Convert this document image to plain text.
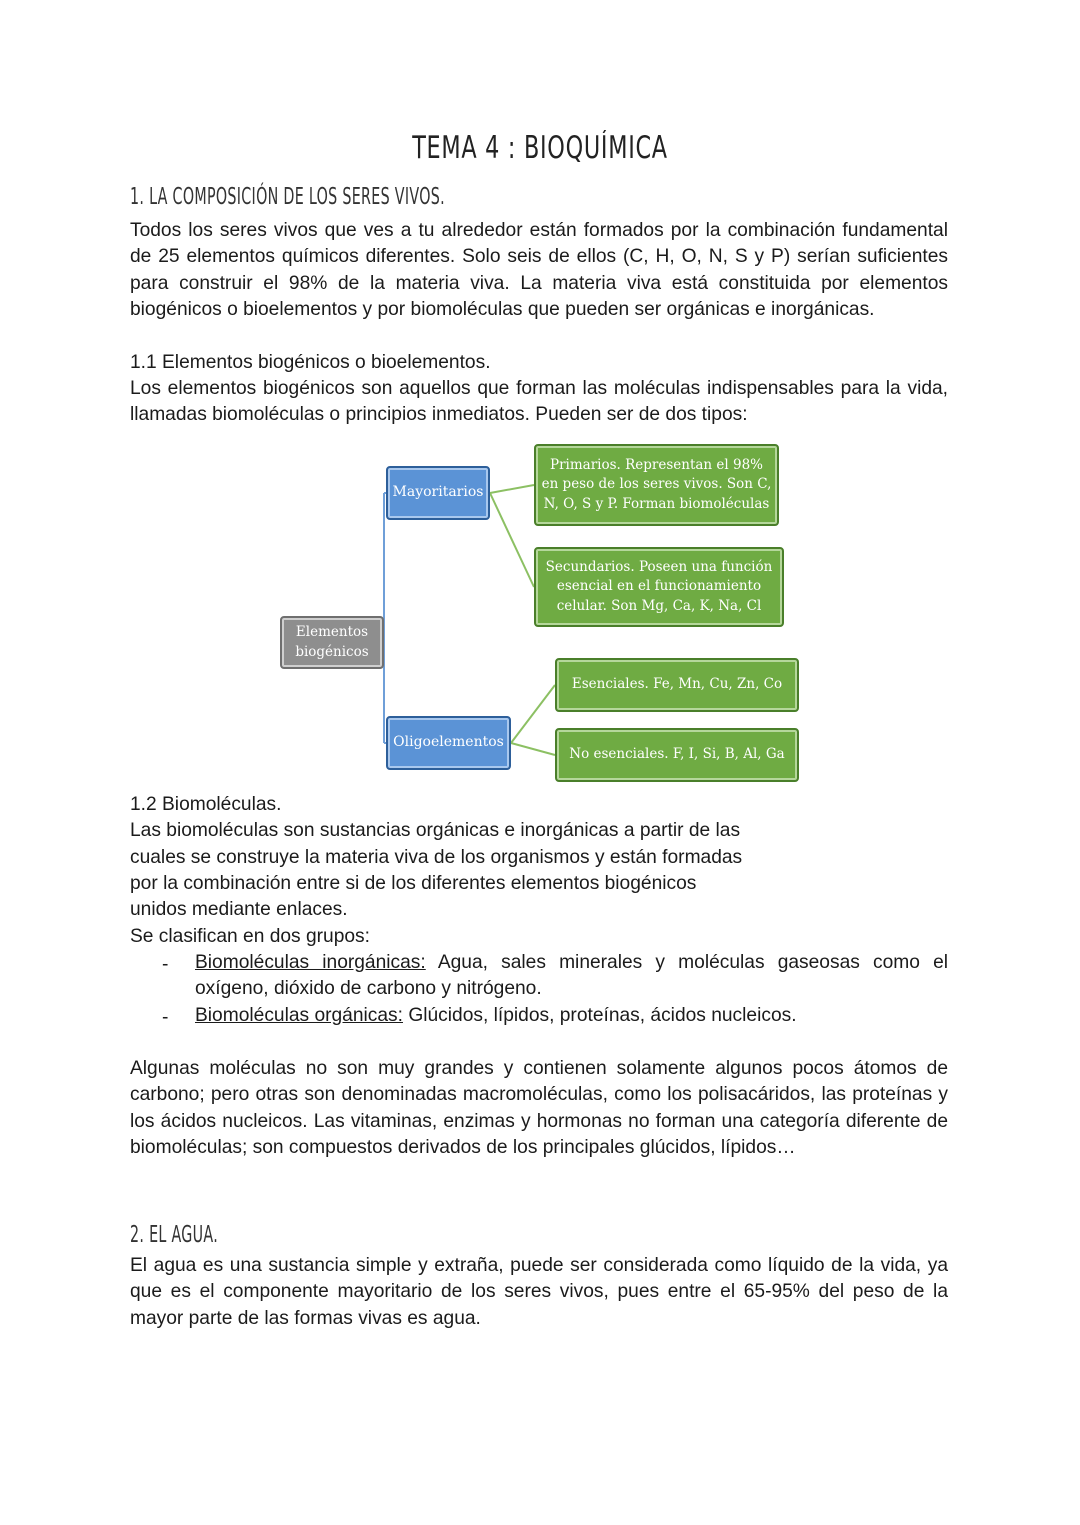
TEMA 4 : BIOQUÍMICA
1. LA COMPOSICIÓN DE LOS SERES VIVOS.

Todos los seres vivos que ves a tu alrededor están formados por la combinación fundamental de 25 elementos químicos diferentes. Solo seis de ellos (C, H, O, N, S y P) serían suficientes para construir el 98% de la materia viva. La materia viva está constituida por elementos biogénicos o bioelementos y por biomoléculas que pueden ser orgánicas e inorgánicas.

1.1 Elementos biogénicos o bioelementos.

Los elementos biogénicos son aquellos que forman las moléculas indispensables para la vida, llamadas biomoléculas o principios inmediatos. Pueden ser de dos tipos:

Elementos biogénicos
Mayoritarios
Oligoelementos
Primarios. Representan el 98% en peso de los seres vivos. Son C, N, O, S y P. Forman biomoléculas
Secundarios. Poseen una función esencial en el funcionamiento celular. Son Mg, Ca, K, Na, Cl
Esenciales. Fe, Mn, Cu, Zn, Co
No esenciales. F, I, Si, B, Al, Ga

1.2 Biomoléculas.

Las biomoléculas son sustancias orgánicas e inorgánicas a partir de las

cuales se construye la materia viva de los organismos y están formadas

por la combinación entre si de los diferentes elementos biogénicos

unidos mediante enlaces.

Se clasifican en dos grupos:

- Biomoléculas inorgánicas: Agua, sales minerales y moléculas gaseosas como el oxígeno, dióxido de carbono y nitrógeno.

- Biomoléculas orgánicas: Glúcidos, lípidos, proteínas, ácidos nucleicos.

Algunas moléculas no son muy grandes y contienen solamente algunos pocos átomos de carbono; pero otras son denominadas macromoléculas, como los polisacáridos, las proteínas y los ácidos nucleicos. Las vitaminas, enzimas y hormonas no forman una categoría diferente de biomoléculas; son compuestos derivados de los principales glúcidos, lípidos…

2. EL AGUA.

El agua es una sustancia simple y extraña, puede ser considerada como líquido de la vida, ya que es el componente mayoritario de los seres vivos, pues entre el 65-95% del peso de la mayor parte de las formas vivas es agua.
